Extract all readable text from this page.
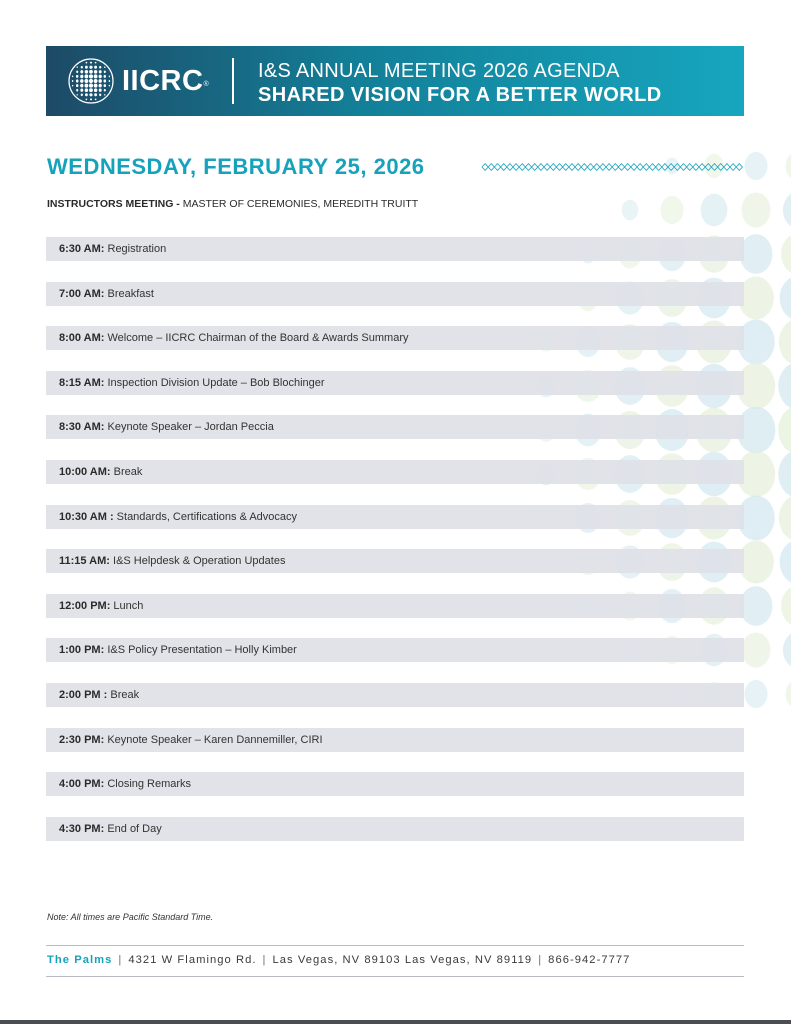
IICRC®
I&S ANNUAL MEETING 2026 AGENDA
SHARED VISION FOR A BETTER WORLD
WEDNESDAY, FEBRUARY 25, 2026
INSTRUCTORS MEETING - MASTER OF CEREMONIES, MEREDITH TRUITT
6:30 AM: Registration
7:00 AM: Breakfast
8:00 AM: Welcome – IICRC Chairman of the Board & Awards Summary
8:15 AM: Inspection Division Update – Bob Blochinger
8:30 AM: Keynote Speaker – Jordan Peccia
10:00 AM: Break
10:30 AM : Standards, Certifications & Advocacy
11:15 AM: I&S Helpdesk & Operation Updates
12:00 PM: Lunch
1:00 PM: I&S Policy Presentation – Holly Kimber
2:00 PM : Break
2:30 PM: Keynote Speaker – Karen Dannemiller, CIRI
4:00 PM: Closing Remarks
4:30 PM: End of Day
Note: All times are Pacific Standard Time.
The Palms | 4321 W Flamingo Rd. | Las Vegas, NV 89103 Las Vegas, NV 89119 | 866-942-7777
